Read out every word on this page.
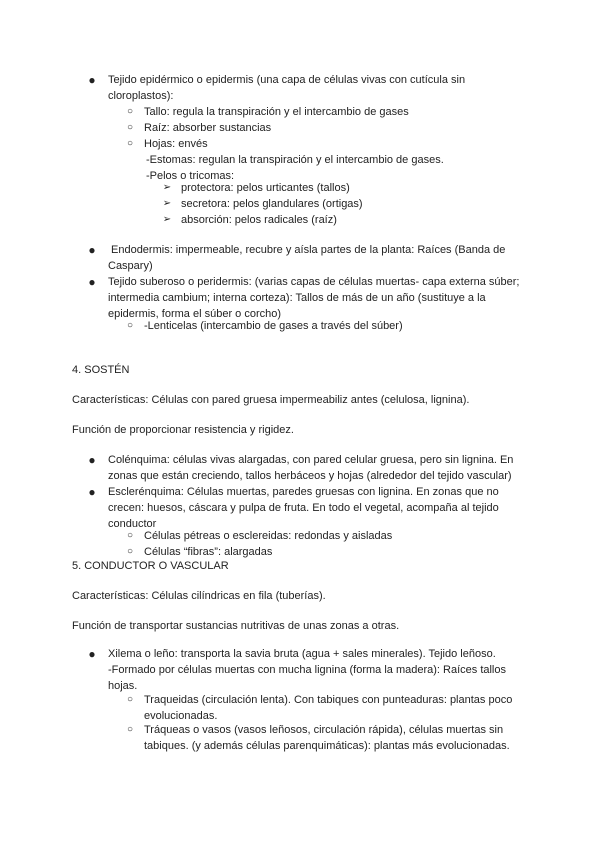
●	Tejido epidérmico o epidermis (una capa de células vivas con cutícula sin
cloroplastos):
○ Tallo: regula la transpiración y el intercambio de gases
○ Raíz: absorber sustancias
○ Hojas: envés
-Estomas: regulan la transpiración y el intercambio de gases.
-Pelos o tricomas:
➢ protectora: pelos urticantes (tallos)
➢ secretora: pelos glandulares (ortigas)
➢ absorción: pelos radicales (raíz)
●	Endodermis: impermeable, recubre y aísla partes de la planta: Raíces (Banda de
Caspary)
●	Tejido suberoso o peridermis: (varias capas de células muertas- capa externa súber;
intermedia cambium; interna corteza): Tallos de más de un año (sustituye a la
epidermis, forma el súber o corcho)
○ -Lenticelas (intercambio de gases a través del súber)
4. SOSTÉN
Características: Células con pared gruesa impermeabiliz antes (celulosa, lignina).
Función de proporcionar resistencia y rigidez.
●	Colénquima: células vivas alargadas, con pared celular gruesa, pero sin lignina. En
zonas que están creciendo, tallos herbáceos y hojas (alrededor del tejido vascular)
●	Esclerénquima: Células muertas, paredes gruesas con lignina. En zonas que no
crecen: huesos, cáscara y pulpa de fruta. En todo el vegetal, acompaña al tejido
conductor
○ Células pétreas o esclereidas: redondas y aisladas
○ Células “fibras”: alargadas
5. CONDUCTOR O VASCULAR
Características: Células cilíndricas en fila (tuberías).
Función de transportar sustancias nutritivas de unas zonas a otras.
●	Xilema o leño: transporta la savia bruta (agua + sales minerales). Tejido leñoso.
-Formado por células muertas con mucha lignina (forma la madera): Raíces tallos
hojas.
○ Traqueidas (circulación lenta). Con tabiques con punteaduras: plantas poco
evolucionadas.
○ Tráqueas o vasos (vasos leñosos, circulación rápida), células muertas sin
tabiques. (y además células parenquimáticas): plantas más evolucionadas.
